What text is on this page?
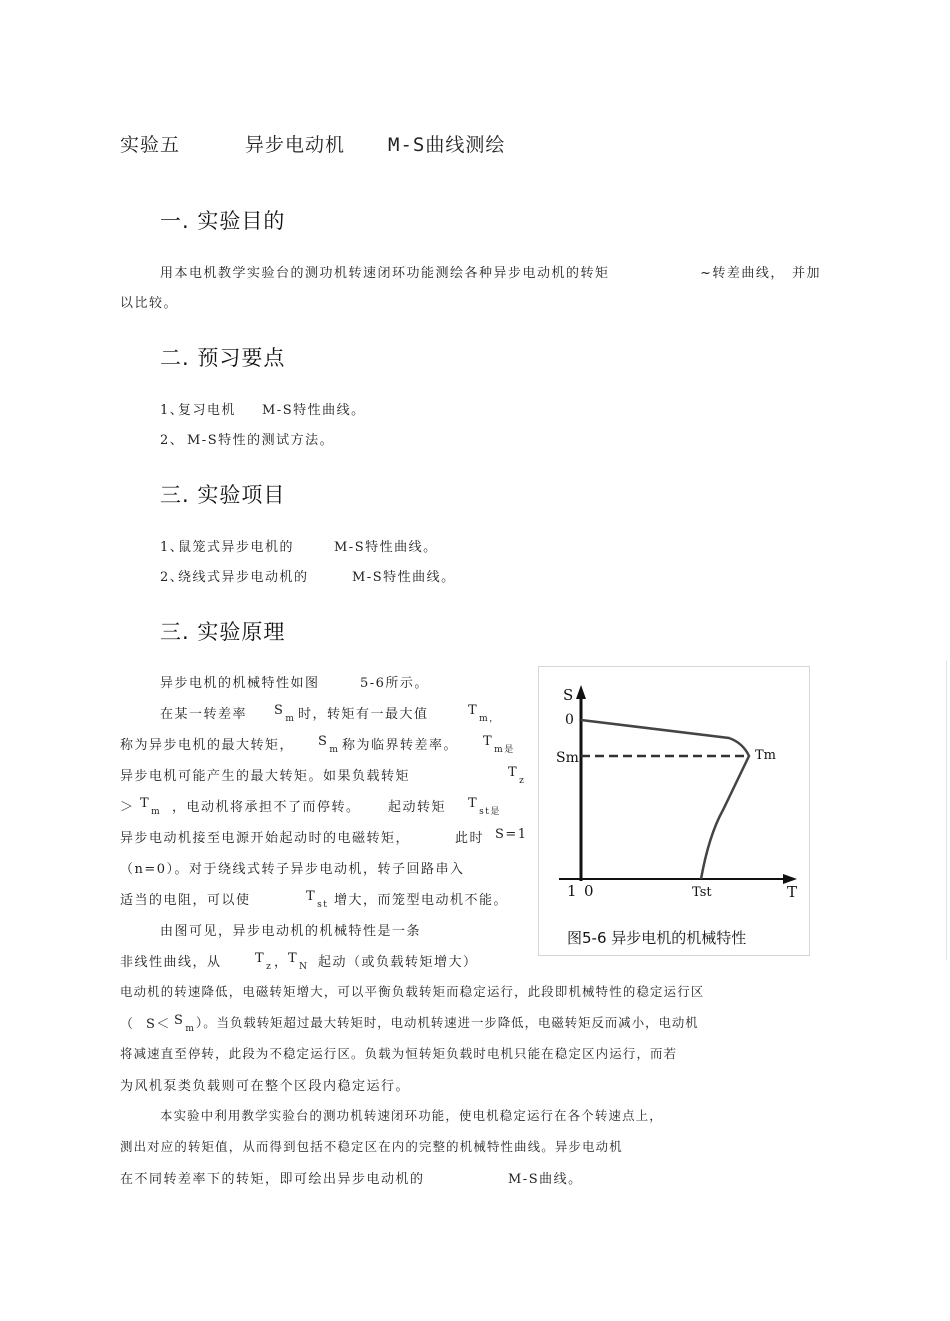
实验五	异步电动机 M-S曲线测绘
一. 实验目的
用本电机教学实验台的测功机转速闭环功能测绘各种异步电动机的转矩	~转差曲线， 并加
以比较。
二. 预习要点
1、
复习电机 M-S特性曲线。
2、 M-S特性的测试方法。
三. 实验项目
1、
鼠笼式异步电机的	M-S特性曲线。
2、
绕线式异步电动机的	M-S特性曲线。
三. 实验原理
异步电机的机械特性如图	5-6所示。
在某一转差率 $S_m$ 时，转矩有一最大值	$T_{m,}$
称为异步电机的最大转矩， $S_m$ 称为临界转差率。 $T_{m是}$
异步电机可能产生的最大转矩。如果负载转矩	$T_z$
＞ $T_m$ ，电动机将承担不了而停转。 起动转矩 $T_{st是}$
异步电动机接至电源开始起动时的电磁转矩，	此时 S=1
（n=0）。对于绕线式转子异步电动机，转子回路串入
适当的电阻，可以使	$T_{st}$ 增大，而笼型电动机不能。
由图可见，异步电动机的机械特性是一条
非线性曲线，从	$T_z$ ， $T_N$ 起动（或负载转矩增大）
电动机的转速降低，电磁转矩增大，可以平衡负载转矩而稳定运行，此段即机械特性的稳定运行区
（ $S< S_m$ ）。当负载转矩超过最大转矩时，电动机转速进一步降低，电磁转矩反而减小，电动机
将减速直至停转，此段为不稳定运行区。负载为恒转矩负载时电机只能在稳定区内运行，而若
为风机泵类负载则可在整个区段内稳定运行。
本实验中利用教学实验台的测功机转速闭环功能，使电机稳定运行在各个转速点上，
测出对应的转矩值，从而得到包括不稳定区在内的完整的机械特性曲线。异步电动机
在不同转差率下的转矩，即可绘出异步电动机的	M-S曲线。
S
0
Sm	Tm
1 0	Tst	T
图5-6 异步电机的机械特性
